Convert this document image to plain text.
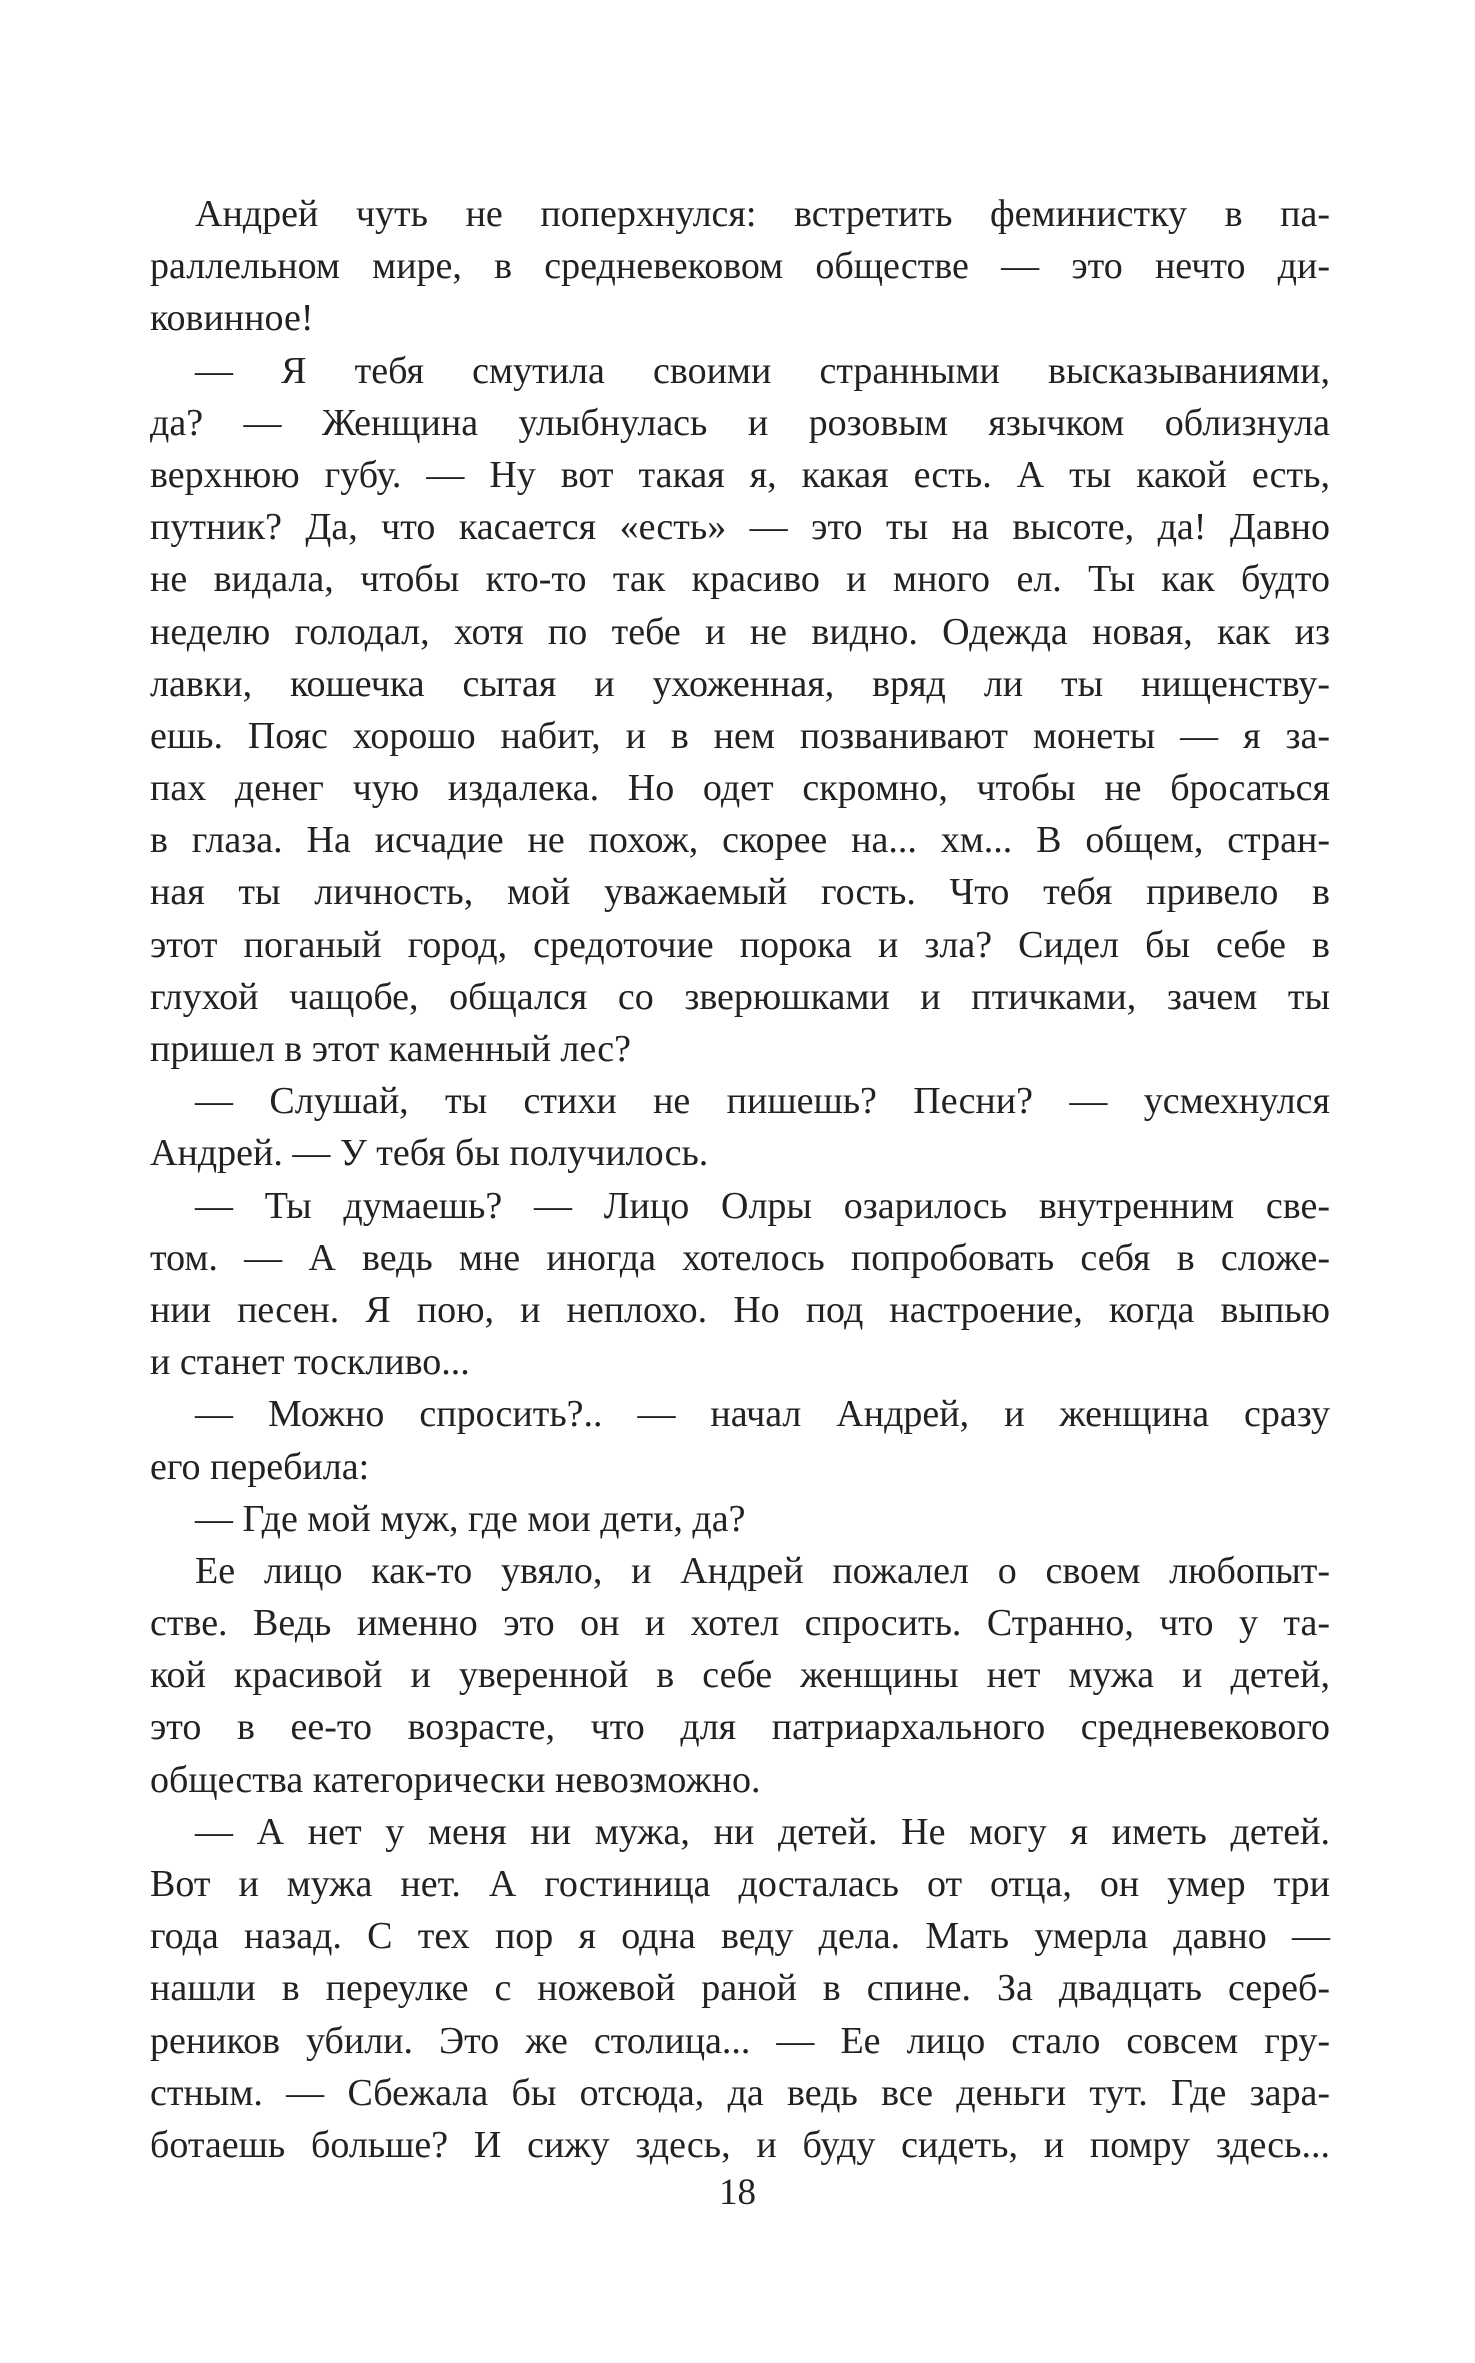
Андрей чуть не поперхнулся: встретить феминистку в па-
раллельном мире, в средневековом обществе — это нечто ди-
ковинное!
— Я тебя смутила своими странными высказываниями,
да? — Женщина улыбнулась и розовым язычком облизнула
верхнюю губу. — Ну вот такая я, какая есть. А ты какой есть,
путник? Да, что касается «есть» — это ты на высоте, да! Давно
не видала, чтобы кто-то так красиво и много ел. Ты как будто
неделю голодал, хотя по тебе и не видно. Одежда новая, как из
лавки, кошечка сытая и ухоженная, вряд ли ты нищенству-
ешь. Пояс хорошо набит, и в нем позванивают монеты — я за-
пах денег чую издалека. Но одет скромно, чтобы не бросаться
в глаза. На исчадие не похож, скорее на... хм... В общем, стран-
ная ты личность, мой уважаемый гость. Что тебя привело в
этот поганый город, средоточие порока и зла? Сидел бы себе в
глухой чащобе, общался со зверюшками и птичками, зачем ты
пришел в этот каменный лес?
— Слушай, ты стихи не пишешь? Песни? — усмехнулся
Андрей. — У тебя бы получилось.
— Ты думаешь? — Лицо Олры озарилось внутренним све-
том. — А ведь мне иногда хотелось попробовать себя в сложе-
нии песен. Я пою, и неплохо. Но под настроение, когда выпью
и станет тоскливо...
— Можно спросить?.. — начал Андрей, и женщина сразу
его перебила:
— Где мой муж, где мои дети, да?
Ее лицо как-то увяло, и Андрей пожалел о своем любопыт-
стве. Ведь именно это он и хотел спросить. Странно, что у та-
кой красивой и уверенной в себе женщины нет мужа и детей,
это в ее-то возрасте, что для патриархального средневекового
общества категорически невозможно.
— А нет у меня ни мужа, ни детей. Не могу я иметь детей.
Вот и мужа нет. А гостиница досталась от отца, он умер три
года назад. С тех пор я одна веду дела. Мать умерла давно —
нашли в переулке с ножевой раной в спине. За двадцать сереб-
реников убили. Это же столица... — Ее лицо стало совсем гру-
стным. — Сбежала бы отсюда, да ведь все деньги тут. Где зара-
ботаешь больше? И сижу здесь, и буду сидеть, и помру здесь...
18
